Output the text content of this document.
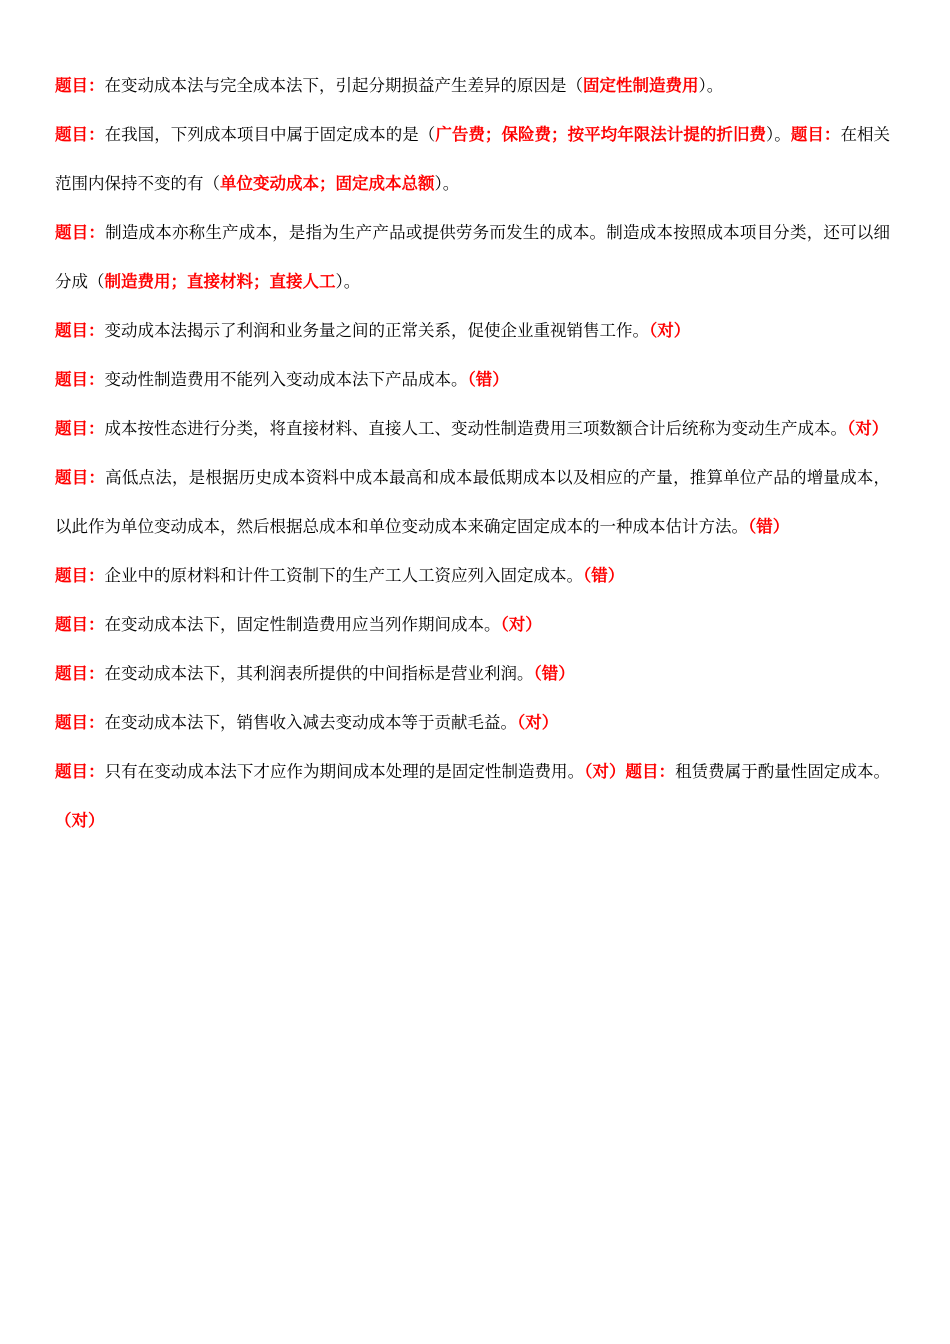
题目：在变动成本法与完全成本法下，引起分期损益产生差异的原因是（固定性制造费用）。

题目：在我国，下列成本项目中属于固定成本的是（广告费；保险费；按平均年限法计提的折旧费）。题目：在相关范围内保持不变的有（单位变动成本；固定成本总额）。

题目：制造成本亦称生产成本，是指为生产产品或提供劳务而发生的成本。制造成本按照成本项目分类，还可以细分成（制造费用；直接材料；直接人工）。

题目：变动成本法揭示了利润和业务量之间的正常关系，促使企业重视销售工作。（对）

题目：变动性制造费用不能列入变动成本法下产品成本。（错）

题目：成本按性态进行分类，将直接材料、直接人工、变动性制造费用三项数额合计后统称为变动生产成本。（对）

题目：高低点法，是根据历史成本资料中成本最高和成本最低期成本以及相应的产量，推算单位产品的增量成本，以此作为单位变动成本，然后根据总成本和单位变动成本来确定固定成本的一种成本估计方法。（错）

题目：企业中的原材料和计件工资制下的生产工人工资应列入固定成本。（错）

题目：在变动成本法下，固定性制造费用应当列作期间成本。（对）

题目：在变动成本法下，其利润表所提供的中间指标是营业利润。（错）

题目：在变动成本法下，销售收入减去变动成本等于贡献毛益。（对）

题目：只有在变动成本法下才应作为期间成本处理的是固定性制造费用。（对）题目：租赁费属于酌量性固定成本。（对）
